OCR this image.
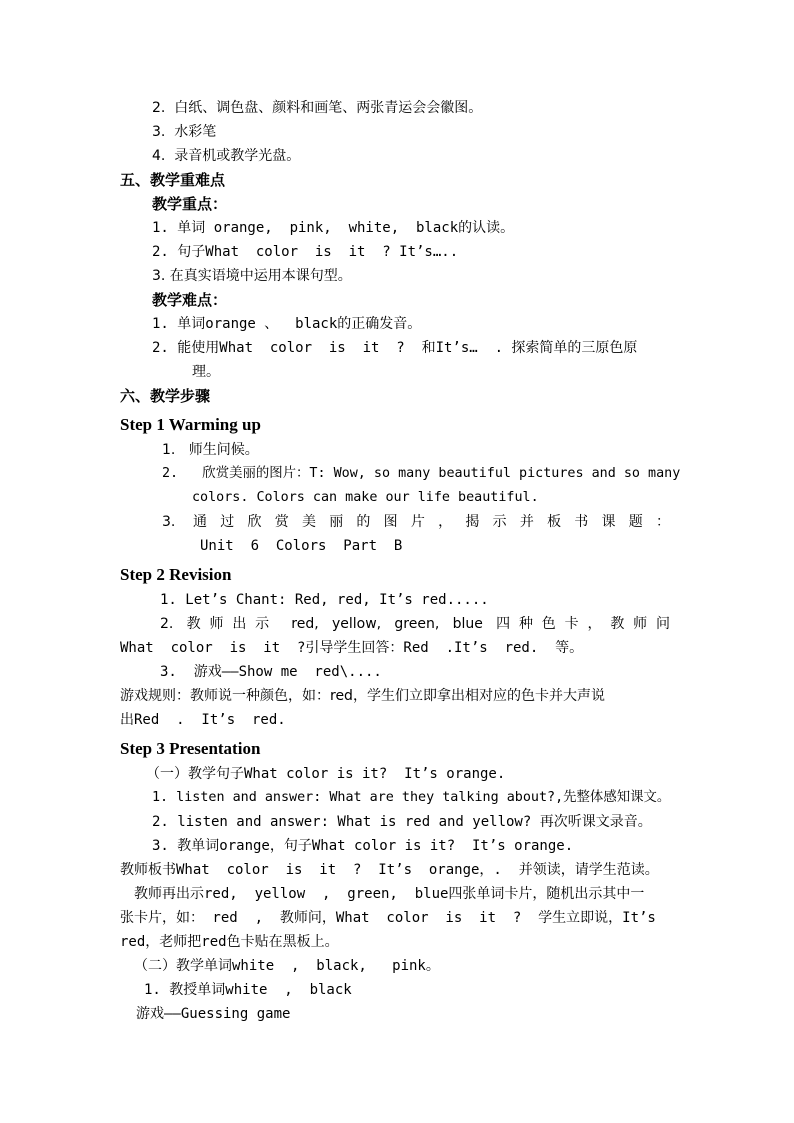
2.  白纸、调色盘、颜料和画笔、两张青运会会徽图。
3.  水彩笔
4.  录音机或教学光盘。
五、教学重难点
教学重点：
1. 单词 orange,  pink,  white,  black的认读。
2. 句子What  color  is  it  ? It’s…..
3. 在真实语境中运用本课句型。
教学难点：
1. 单词orange 、  black的正确发音。
2. 能使用What  color  is  it  ?  和It’s…  . 探索简单的三原色原
理。
六、教学步骤
Step 1 Warming up
1.   师生问候。
2.   欣赏美丽的图片：T: Wow, so many beautiful pictures and so many
colors. Colors can make our life beautiful.
3. 通过欣赏美丽的图片，揭示并板书课题：
Unit  6  Colors  Part  B
Step 2 Revision
1. Let’s Chant: Red, red, It’s red.....
2. 教师出示 red, yellow, green, blue 四种色卡，教师问
What  color  is  it  ?引导学生回答：Red  .It’s  red.  等。
3.  游戏——Show me  red\....
游戏规则：教师说一种颜色，如：red，学生们立即拿出相对应的色卡并大声说
出Red  .  It’s  red.
Step 3 Presentation
（一）教学句子What color is it?  It’s orange.
1. listen and answer: What are they talking about?,先整体感知课文。
2. listen and answer: What is red and yellow? 再次听课文录音。
3. 教单词orange，句子What color is it?  It’s orange.
教师板书What  color  is  it  ?  It’s  orange，.  并领读，请学生范读。
教师再出示red,  yellow  ,  green,  blue四张单词卡片，随机出示其中一
张卡片，如： red  ,  教师问，What  color  is  it  ?  学生立即说，It’s
red，老师把red色卡贴在黑板上。
（二）教学单词white  ,  black,   pink。
1. 教授单词white  ,  black
游戏——Guessing game
